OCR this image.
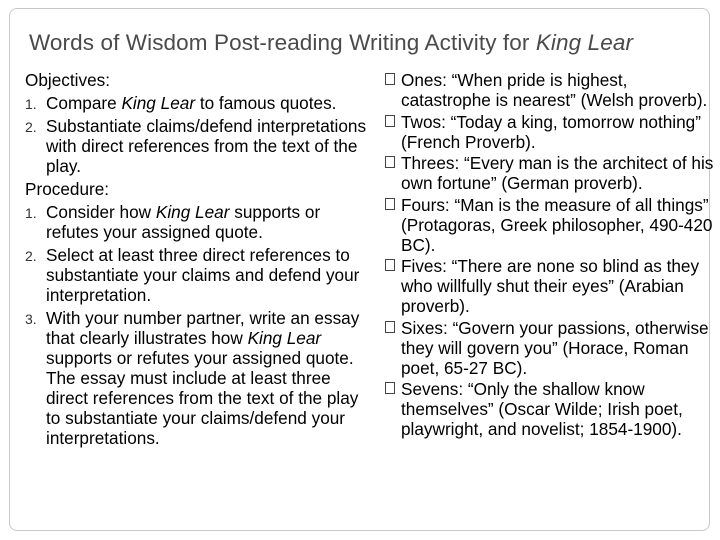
Words of Wisdom Post-reading Writing Activity for King Lear

Objectives:

1. Compare King Lear to famous quotes.
2. Substantiate claims/defend interpretations with direct references from the text of the play.

Procedure:

1. Consider how King Lear supports or refutes your assigned quote.
2. Select at least three direct references to substantiate your claims and defend your interpretation.
3. With your number partner, write an essay that clearly illustrates how King Lear supports or refutes your assigned quote. The essay must include at least three direct references from the text of the play to substantiate your claims/defend your interpretations.
Ones: “When pride is highest, catastrophe is nearest” (Welsh proverb).
Twos: “Today a king, tomorrow nothing” (French Proverb).
Threes: “Every man is the architect of his own fortune” (German proverb).
Fours: “Man is the measure of all things” (Protagoras, Greek philosopher, 490-420 BC).
Fives: “There are none so blind as they who willfully shut their eyes” (Arabian proverb).
Sixes: “Govern your passions, otherwise they will govern you” (Horace, Roman poet, 65-27 BC).
Sevens: “Only the shallow know themselves” (Oscar Wilde; Irish poet, playwright, and novelist; 1854-1900).
